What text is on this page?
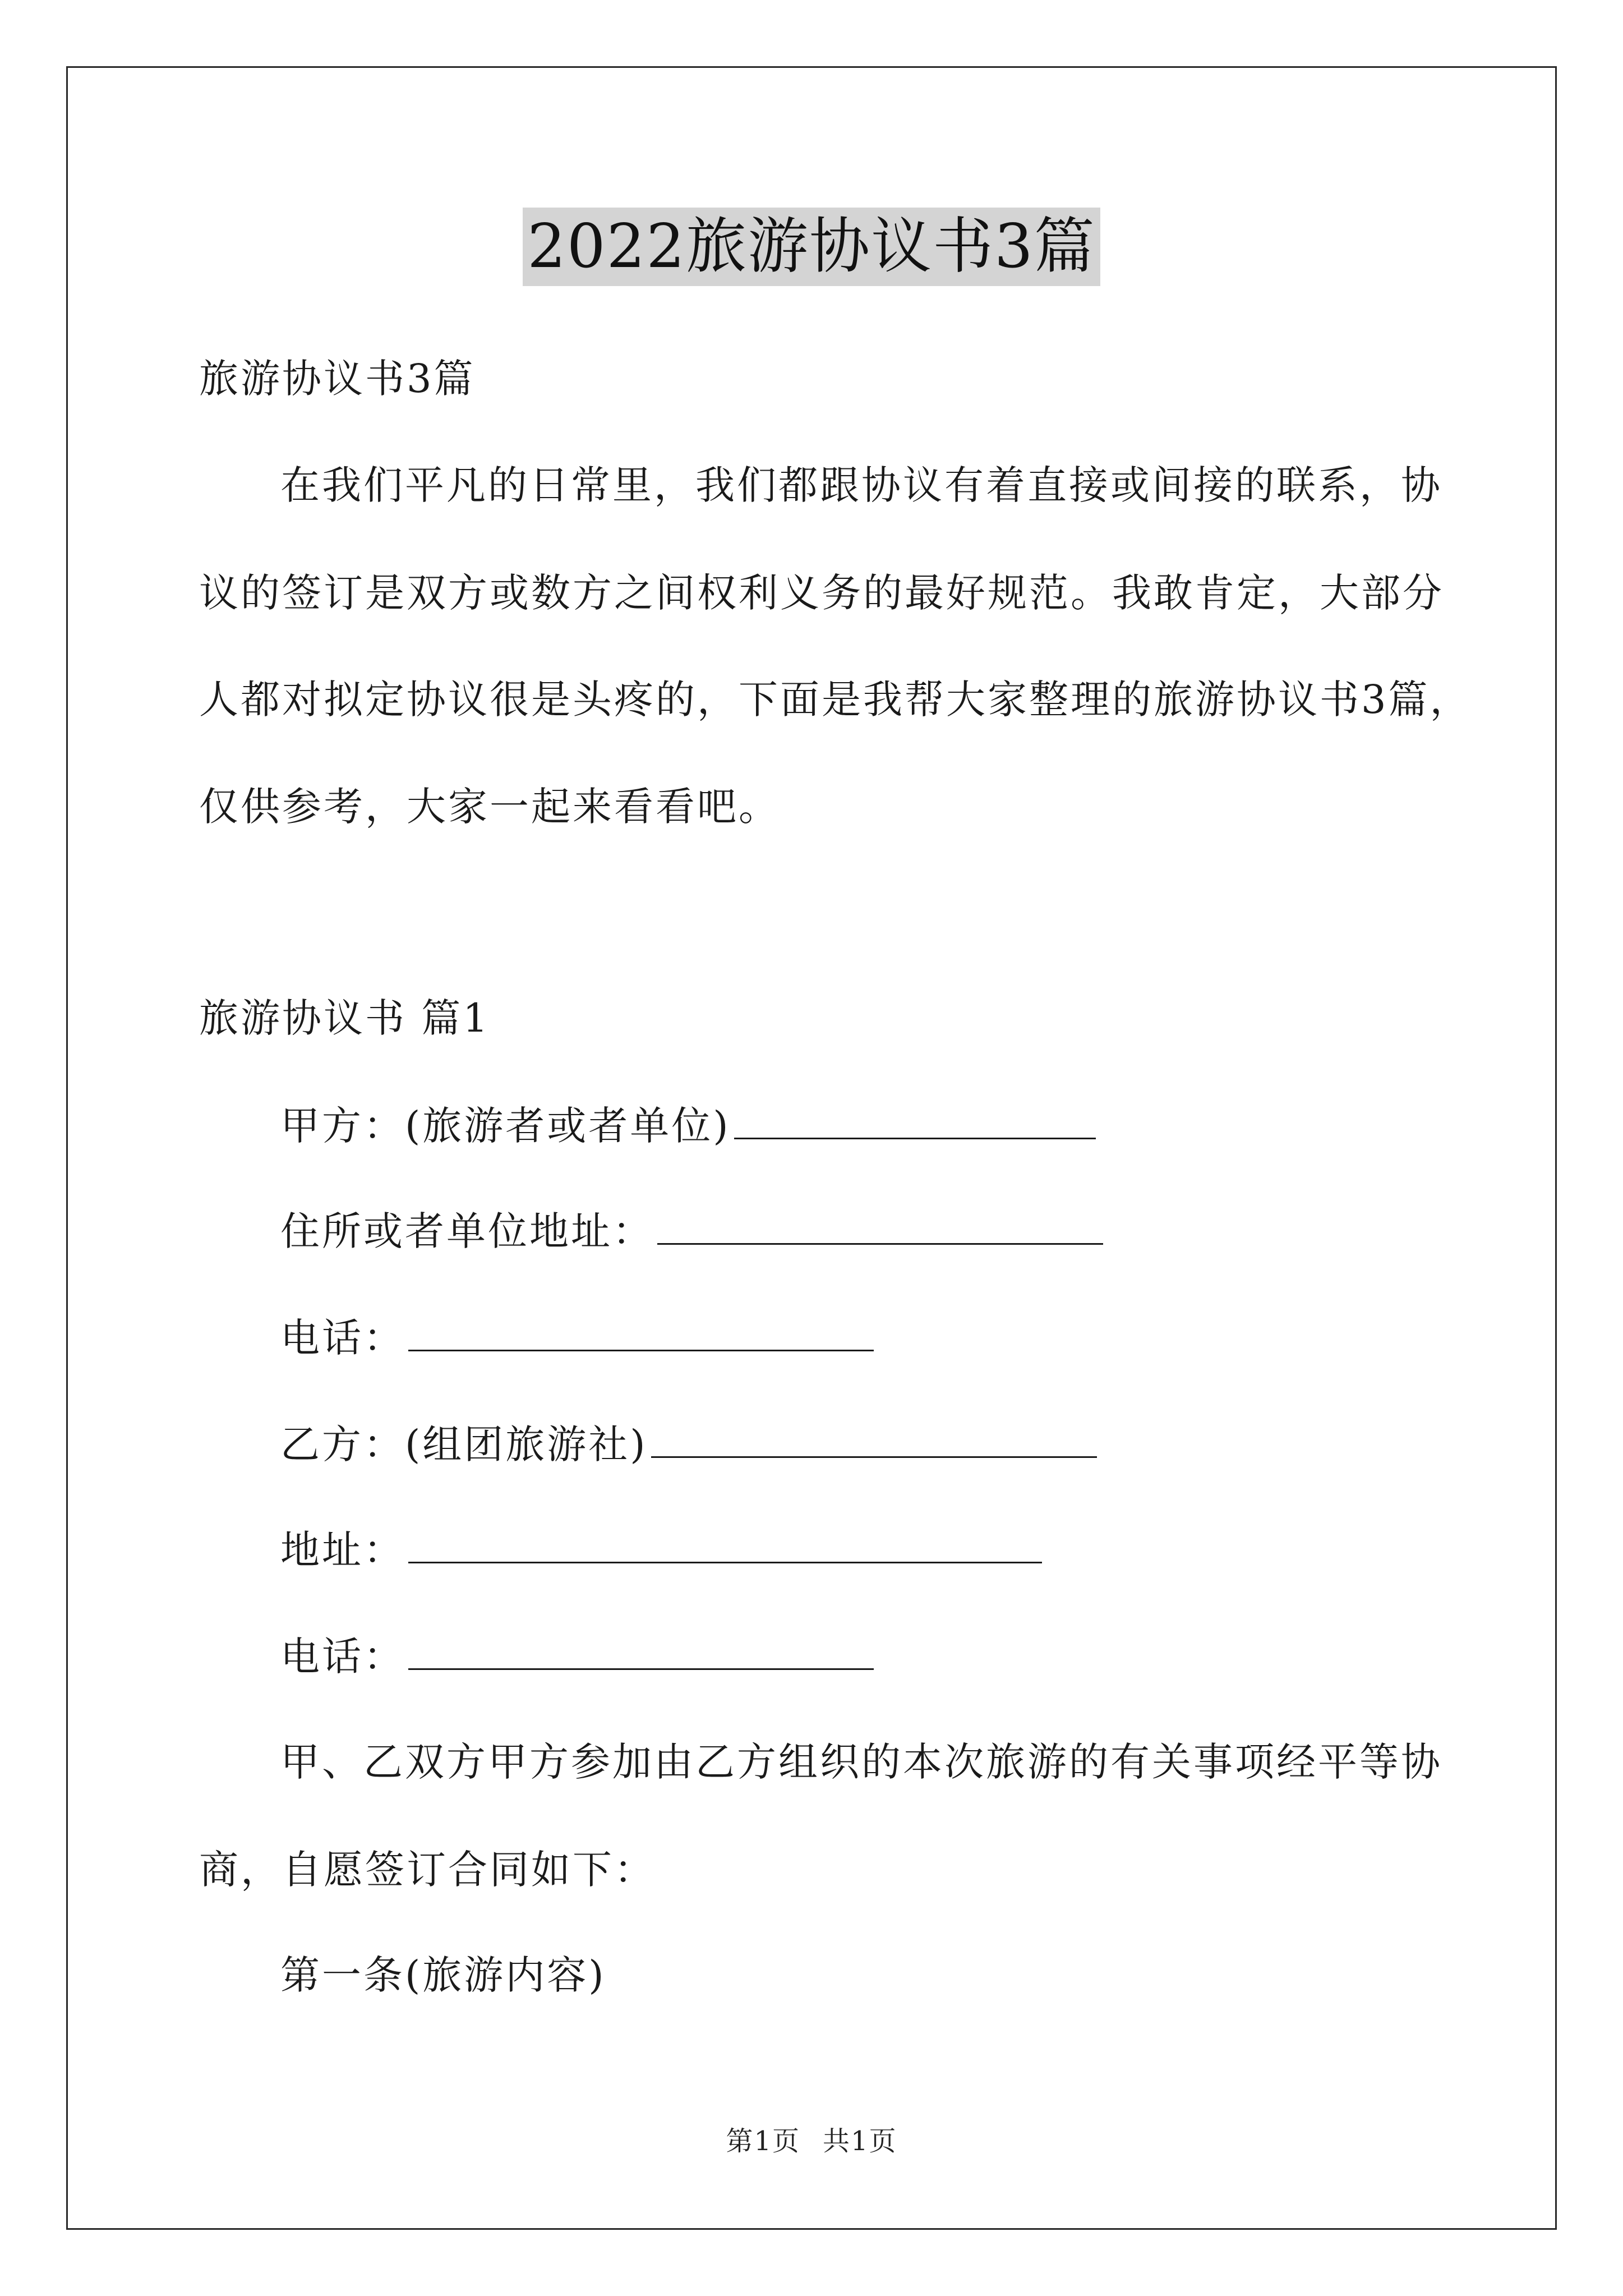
2022旅游协议书3篇
旅游协议书3篇
在我们平凡的日常里，我们都跟协议有着直接或间接的联系，协
议的签订是双方或数方之间权利义务的最好规范。我敢肯定，大部分
人都对拟定协议很是头疼的，下面是我帮大家整理的旅游协议书3篇，
仅供参考，大家一起来看看吧。
旅游协议书 篇1
甲方：(旅游者或者单位)
住所或者单位地址：
电话：
乙方：(组团旅游社)
地址：
电话：
甲、乙双方甲方参加由乙方组织的本次旅游的有关事项经平等协
商，自愿签订合同如下：
第一条(旅游内容)
第1页 共1页
